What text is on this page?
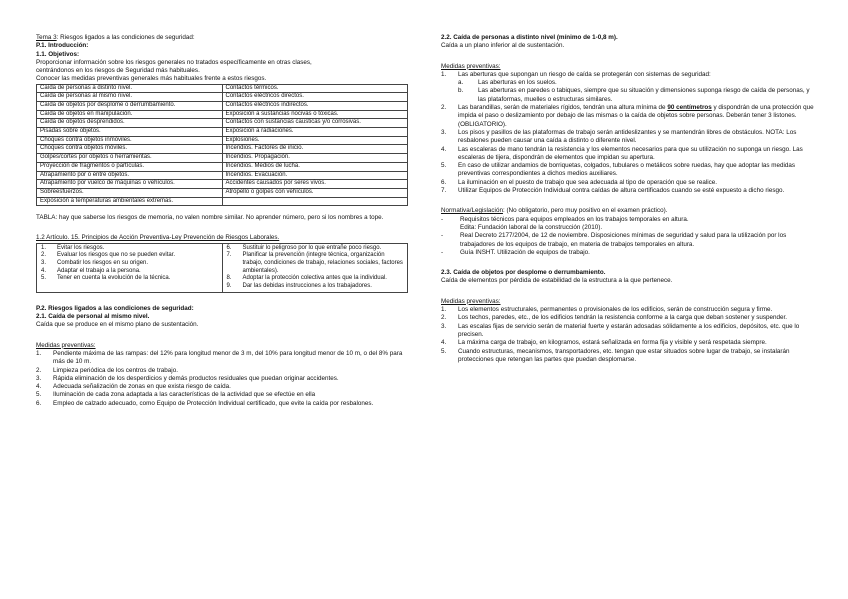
Tema 3: Riesgos ligados a las condiciones de seguridad:

P.1. Introducción:

1.1. Objetivos:

Proporcionar información sobre los riesgos generales no tratados específicamente en otras clases,

centrándonos en los riesgos de Seguridad más habituales.

Conocer las medidas preventivas generales más habituales frente a estos riesgos.

Caída de personas a distinto nivel.	Contactos térmicos.
Caída de personas al mismo nivel.	Contactos eléctricos directos.
Caída de objetos por desplome o derrumbamiento.	Contactos eléctricos indirectos.
Caída de objetos en manipulación.	Exposición a sustancias nocivas o tóxicas.
Caída de objetos desprendidos.	Contactos con sustancias causticas y/o corrosivas.
Pisadas sobre objetos.	Exposición a radiaciones.
Choques contra objetos inmóviles.	Explosiones.
Choques contra objetos móviles.	Incendios. Factores de inicio.
Golpes/cortes por objetos o herramientas.	Incendios. Propagación.
Proyección de fragmentos o partículas.	Incendios. Medios de lucha.
Atrapamiento por o entre objetos.	Incendios. Evacuación.
Atrapamiento por vuelco de máquinas o vehículos.	Accidentes causados por seres vivos.
Sobreesfuerzos.	Atropello o golpes con vehículos.
Exposición a temperaturas ambientales extremas.	

TABLA: hay que saberse los riesgos de memoria, no valen nombre similar. No aprender número, pero si los nombres a tope.

1.2 Artículo. 15. Principios de Acción Preventiva-Ley Prevención de Riesgos Laborales.

1.	Evitar los riesgos.
2.	Evaluar los riesgos que no se pueden evitar.
3.	Combatir los riesgos en su origen.
4.	Adaptar el trabajo a la persona.
5.	Tener en cuenta la evolución de la técnica.
6.	Sustituir lo peligroso por lo que entrañe poco riesgo.
7.	Planificar la prevención (integre técnica, organización trabajo, condiciones de trabajo, relaciones sociales, factores ambientales).
8.	Adoptar la protección colectiva antes que la individual.
9.	Dar las debidas instrucciones a los trabajadores.

P.2. Riesgos ligados a las condiciones de seguridad:

2.1. Caída de personal al mismo nivel.

Caída que se produce en el mismo plano de sustentación.

Medidas preventivas:

1.	Pendiente máxima de las rampas: del 12% para longitud menor de 3 m, del 10% para longitud menor de 10 m, o del 8% para más de 10 m.
2.	Limpieza periódica de los centros de trabajo.
3.	Rápida eliminación de los desperdicios y demás productos residuales que puedan originar accidentes.
4.	Adecuada señalización de zonas en que exista riesgo de caída.
5.	Iluminación de cada zona adaptada a las características de la actividad que se efectúe en ella
6.	Empleo de calzado adecuado, como Equipo de Protección Individual certificado, que evite la caída por resbalones.

2.2. Caída de personas a distinto nivel (mínimo de 1-0,8 m).

Caída a un plano inferior al de sustentación.

Medidas preventivas:

1.	Las aberturas que supongan un riesgo de caída se protegerán con sistemas de seguridad:
a.	Las aberturas en los suelos.
b.	Las aberturas en paredes o tabiques, siempre que su situación y dimensiones suponga riesgo de caída de personas, y las plataformas, muelles o estructuras similares.
2.	Las barandillas, serán de materiales rígidos, tendrán una altura mínima de 90 centímetros y dispondrán de una protección que impida el paso o deslizamiento por debajo de las mismas o la caída de objetos sobre personas. Deberán tener 3 listones. (OBLIGATORIO).
3.	Los pisos y pasillos de las plataformas de trabajo serán antideslizantes y se mantendrán libres de obstáculos. NOTA: Los resbalones pueden causar una caída a distinto o diferente nivel.
4.	Las escaleras de mano tendrán la resistencia y los elementos necesarios para que su utilización no suponga un riesgo. Las escaleras de tijera, dispondrán de elementos que impidan su apertura.
5.	En caso de utilizar andamios de borriquetas, colgados, tubulares o metálicos sobre ruedas, hay que adoptar las medidas preventivas correspondientes a dichos medios auxiliares.
6.	La iluminación en el puesto de trabajo que sea adecuada al tipo de operación que se realice.
7.	Utilizar Equipos de Protección Individual contra caídas de altura certificados cuando se esté expuesto a dicho riesgo.

Normativa/Legislación: (No obligatorio, pero muy positivo en el examen práctico).

-	Requisitos técnicos para equipos empleados en los trabajos temporales en altura.

Edita: Fundación laboral de la construcción (2010).

-	Real Decreto 2177/2004, de 12 de noviembre. Disposiciones mínimas de seguridad y salud para la utilización por los trabajadores de los equipos de trabajo, en materia de trabajos temporales en altura.
-	Guía INSHT. Utilización de equipos de trabajo.

2.3. Caída de objetos por desplome o derrumbamiento.

Caída de elementos por pérdida de estabilidad de la estructura a la que pertenece.

Medidas preventivas:

1.	Los elementos estructurales, permanentes o provisionales de los edificios, serán de construcción segura y firme.
2.	Los techos, paredes, etc., de los edificios tendrán la resistencia conforme a la carga que deban sostener y suspender.
3.	Las escalas fijas de servicio serán de material fuerte y estarán adosadas sólidamente a los edificios, depósitos, etc. que lo precisen.
4.	La máxima carga de trabajo, en kilogramos, estará señalizada en forma fija y visible y será respetada siempre.
5.	Cuando estructuras, mecanismos, transportadores, etc. tengan que estar situados sobre lugar de trabajo, se instalarán protecciones que retengan las partes que puedan desplomarse.
